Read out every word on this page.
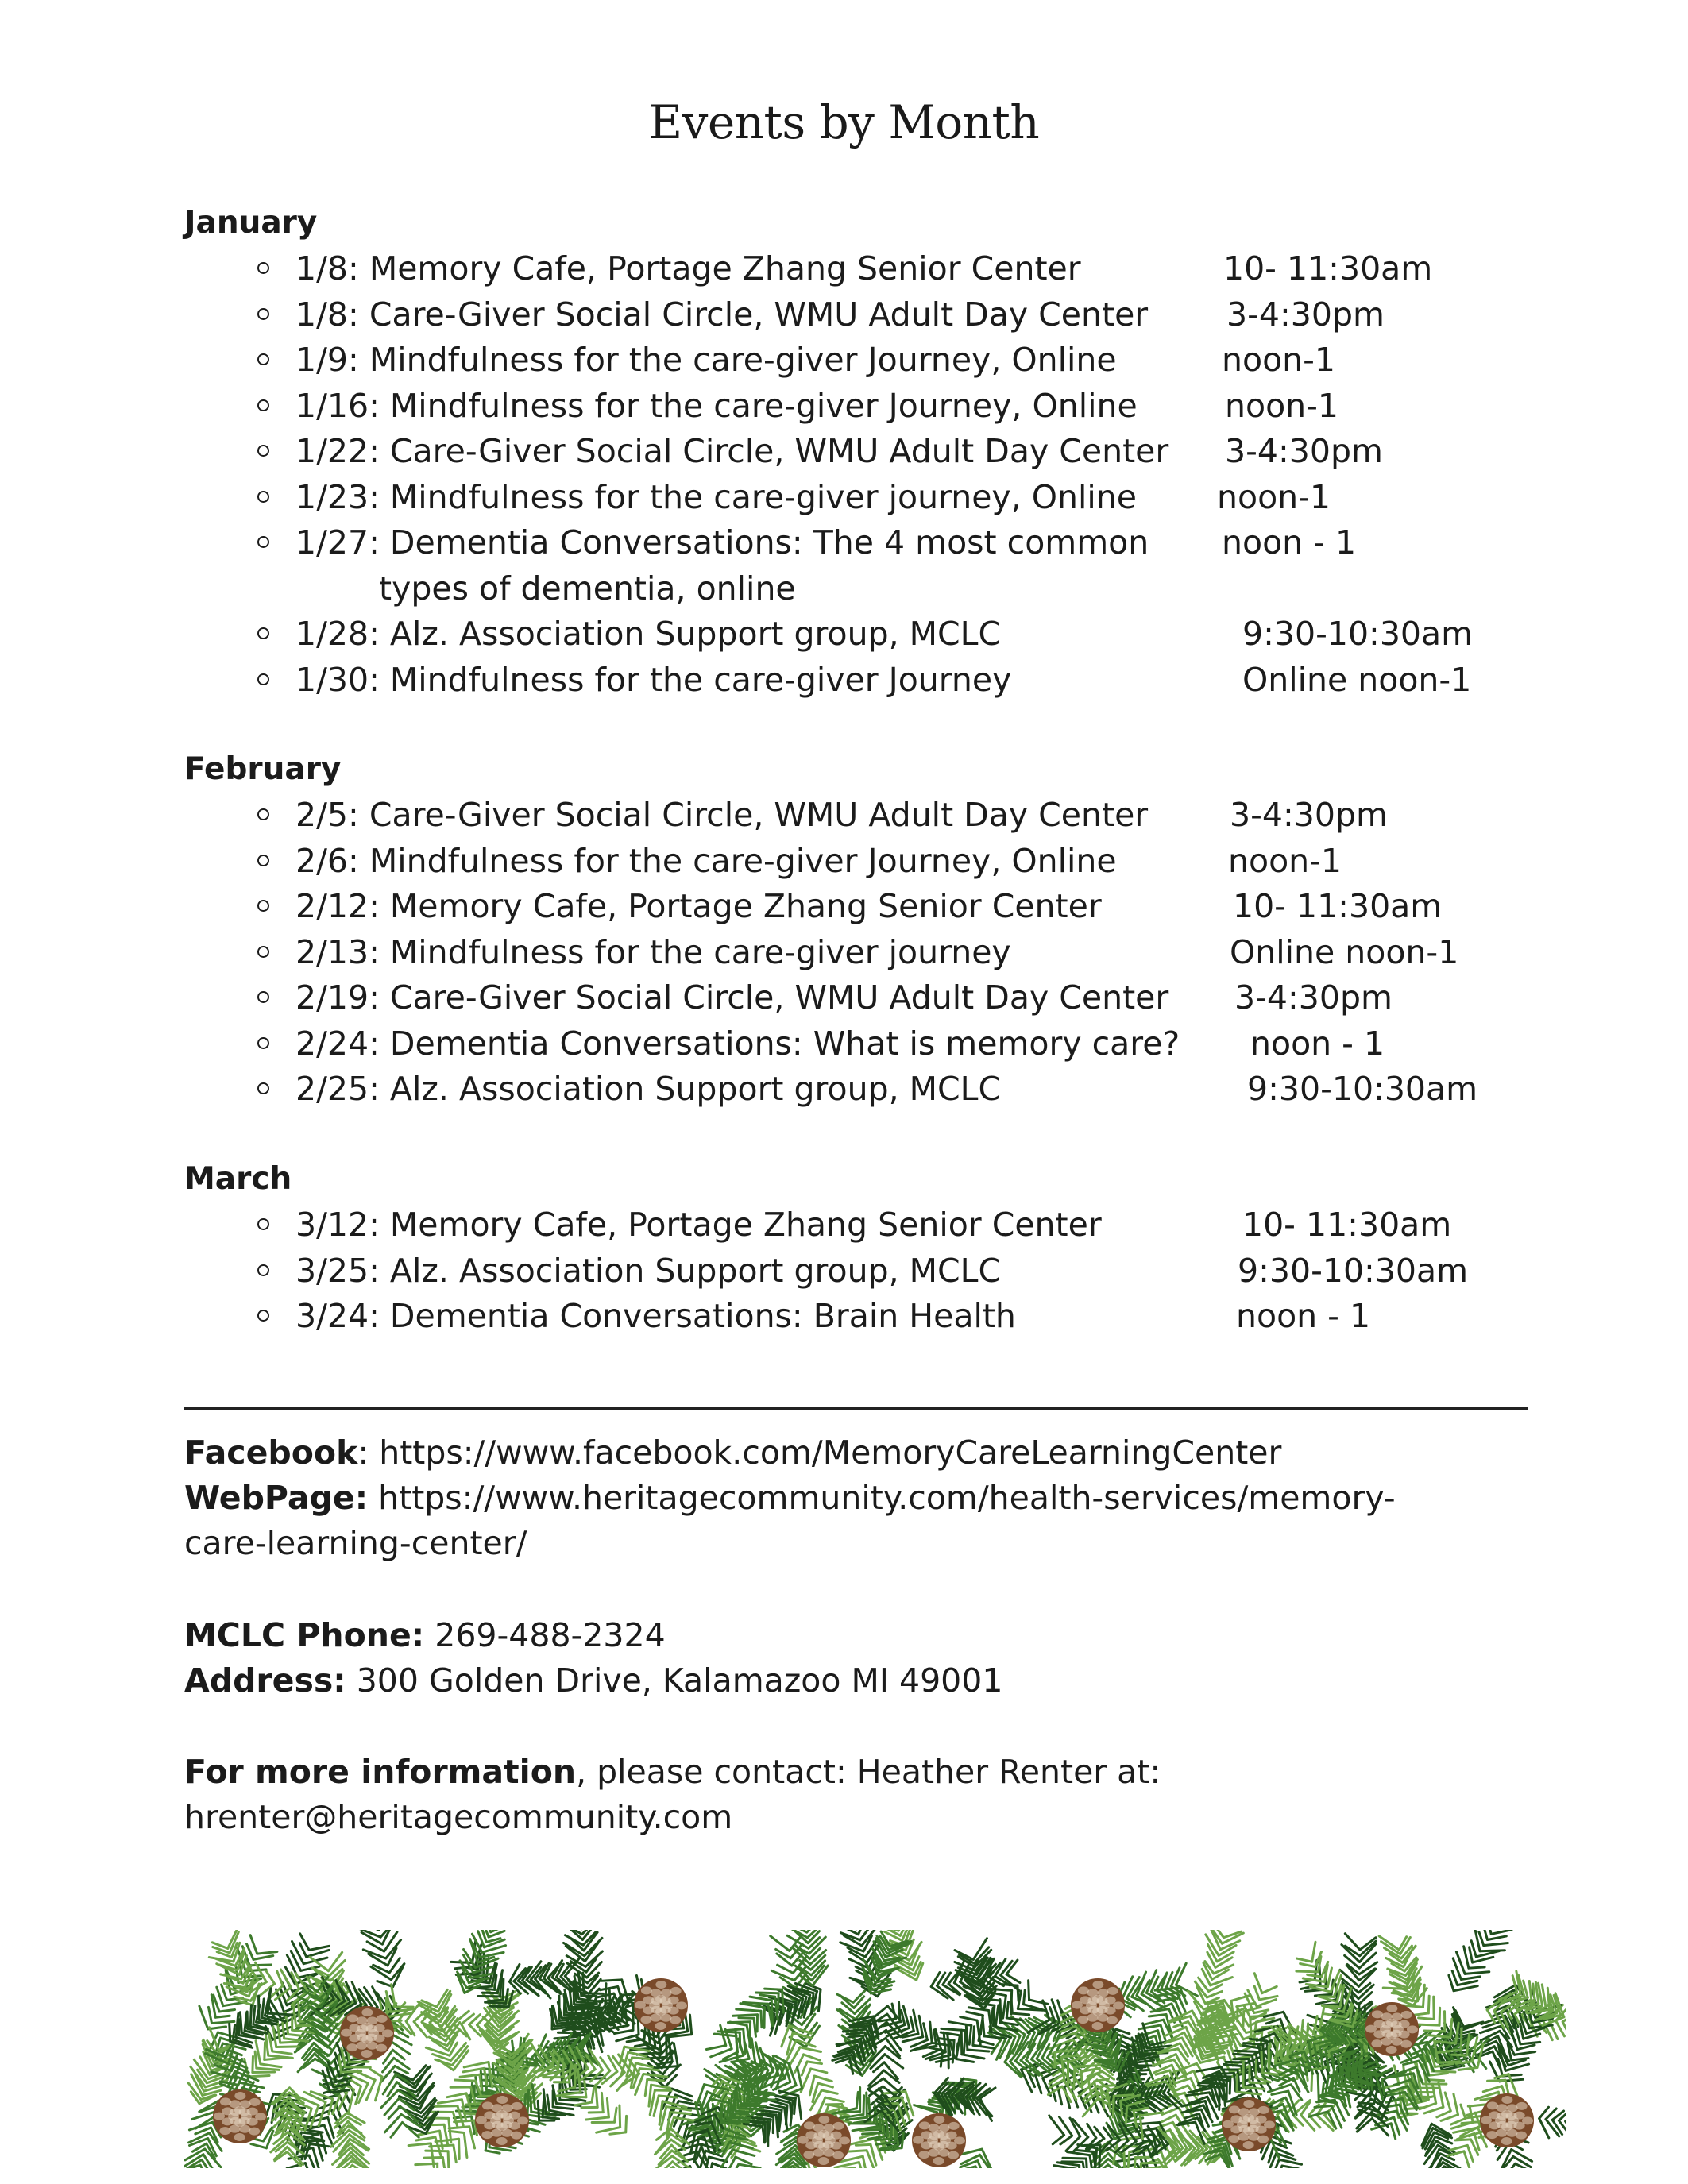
Events by Month
January
1/8: Memory Cafe, Portage Zhang Senior Center	10- 11:30am
1/8: Care-Giver Social Circle, WMU Adult Day Center 3-4:30pm
1/9: Mindfulness for the care-giver Journey, Online	noon-1
1/16: Mindfulness for the care-giver Journey, Online	noon-1
1/22: Care-Giver Social Circle, WMU Adult Day Center 3-4:30pm
1/23: Mindfulness for the care-giver journey, Online noon-1
1/27: Dementia Conversations: The 4 most common
types of dementia, online
noon - 1
1/28: Alz. Association Support group, MCLC	9:30-10:30am
1/30: Mindfulness for the care-giver Journey	Online noon-1
February
2/5: Care-Giver Social Circle, WMU Adult Day Center	3-4:30pm
2/6: Mindfulness for the care-giver Journey, Online	noon-1
2/12: Memory Cafe, Portage Zhang Senior Center	10- 11:30am
2/13: Mindfulness for the care-giver journey	Online noon-1
2/19: Care-Giver Social Circle, WMU Adult Day Center 3-4:30pm
2/24: Dementia Conversations: What is memory care? noon - 1
2/25: Alz. Association Support group, MCLC	9:30-10:30am
March
3/12: Memory Cafe, Portage Zhang Senior Center	10- 11:30am
3/25: Alz. Association Support group, MCLC	9:30-10:30am
3/24: Dementia Conversations: Brain Health	noon - 1
Facebook: https://www.facebook.com/MemoryCareLearningCenter
WebPage: https://www.heritagecommunity.com/health-services/memory-
care-learning-center/
MCLC Phone: 269-488-2324
Address: 300 Golden Drive, Kalamazoo MI 49001
For more information, please contact: Heather Renter at:
hrenter@heritagecommunity.com
